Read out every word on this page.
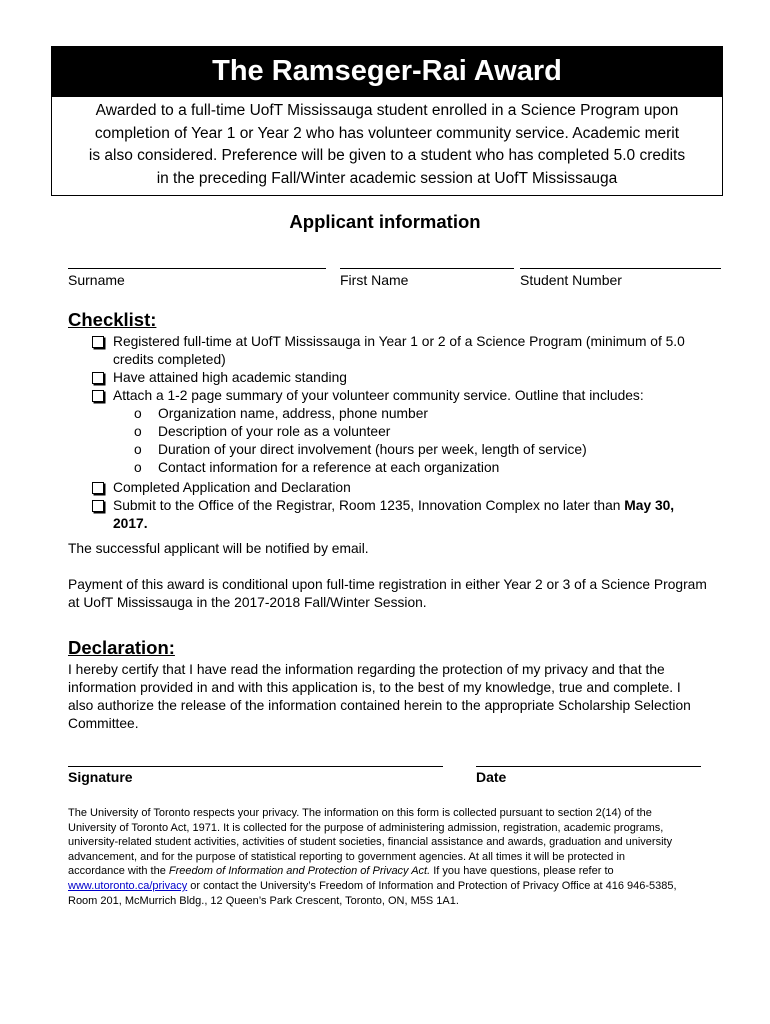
The Ramseger-Rai Award
Awarded to a full-time UofT Mississauga student enrolled in a Science Program upon
completion of Year 1 or Year 2 who has volunteer community service. Academic merit
is also considered. Preference will be given to a student who has completed 5.0 credits
in the preceding Fall/Winter academic session at UofT Mississauga
Applicant information
Surname	First Name	Student Number
Checklist:
Registered full-time at UofT Mississauga in Year 1 or 2 of a Science Program (minimum of 5.0
credits completed)
Have attained high academic standing
Attach a 1-2 page summary of your volunteer community service. Outline that includes:
o	Organization name, address, phone number
o	Description of your role as a volunteer
o	Duration of your direct involvement (hours per week, length of service)
o	Contact information for a reference at each organization
Completed Application and Declaration
Submit to the Office of the Registrar, Room 1235, Innovation Complex no later than May 30,
2017.
The successful applicant will be notified by email.
Payment of this award is conditional upon full-time registration in either Year 2 or 3 of a Science Program
at UofT Mississauga in the 2017-2018 Fall/Winter Session.
Declaration:
I hereby certify that I have read the information regarding the protection of my privacy and that the
information provided in and with this application is, to the best of my knowledge, true and complete. I
also authorize the release of the information contained herein to the appropriate Scholarship Selection
Committee.
Signature	Date
The University of Toronto respects your privacy. The information on this form is collected pursuant to section 2(14) of the
University of Toronto Act, 1971. It is collected for the purpose of administering admission, registration, academic programs,
university-related student activities, activities of student societies, financial assistance and awards, graduation and university
advancement, and for the purpose of statistical reporting to government agencies. At all times it will be protected in
accordance with the Freedom of Information and Protection of Privacy Act. If you have questions, please refer to
www.utoronto.ca/privacy or contact the University’s Freedom of Information and Protection of Privacy Office at 416 946-5385,
Room 201, McMurrich Bldg., 12 Queen’s Park Crescent, Toronto, ON, M5S 1A1.
